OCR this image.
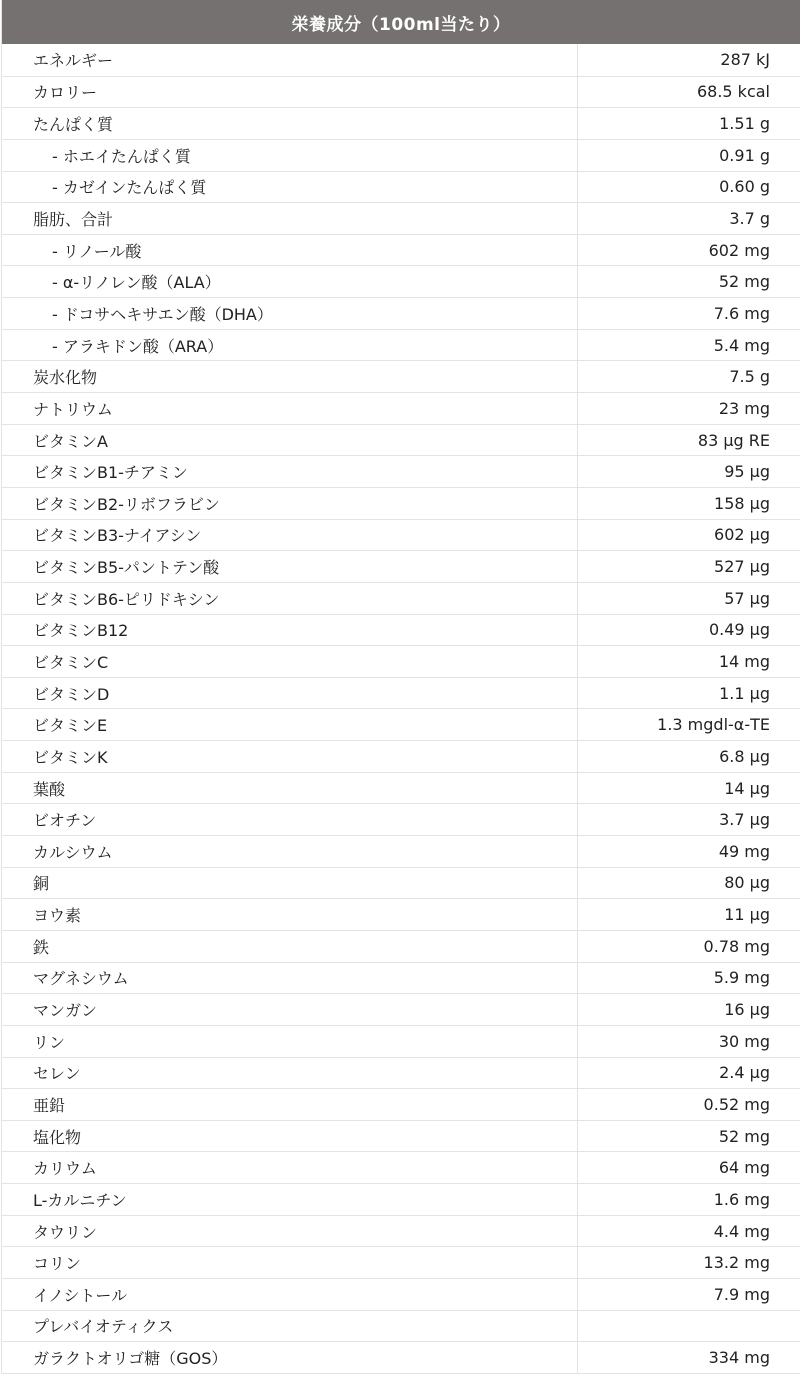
栄養成分（100ml当たり）
エネルギー	287 kJ
カロリー	68.5 kcal
たんぱく質	1.51 g
- ホエイたんぱく質	0.91 g
- カゼインたんぱく質	0.60 g
脂肪、合計	3.7 g
- リノール酸	602 mg
- α-リノレン酸（ALA）	52 mg
- ドコサヘキサエン酸（DHA）	7.6 mg
- アラキドン酸（ARA）	5.4 mg
炭水化物	7.5 g
ナトリウム	23 mg
ビタミンA	83 µg RE
ビタミンB1-チアミン	95 µg
ビタミンB2-リボフラビン	158 µg
ビタミンB3-ナイアシン	602 µg
ビタミンB5-パントテン酸	527 µg
ビタミンB6-ピリドキシン	57 µg
ビタミンB12	0.49 µg
ビタミンC	14 mg
ビタミンD	1.1 µg
ビタミンE	1.3 mgdl-α-TE
ビタミンK	6.8 µg
葉酸	14 µg
ビオチン	3.7 µg
カルシウム	49 mg
銅	80 µg
ヨウ素	11 µg
鉄	0.78 mg
マグネシウム	5.9 mg
マンガン	16 µg
リン	30 mg
セレン	2.4 µg
亜鉛	0.52 mg
塩化物	52 mg
カリウム	64 mg
L-カルニチン	1.6 mg
タウリン	4.4 mg
コリン	13.2 mg
イノシトール	7.9 mg
プレバイオティクス
ガラクトオリゴ糖（GOS）	334 mg
